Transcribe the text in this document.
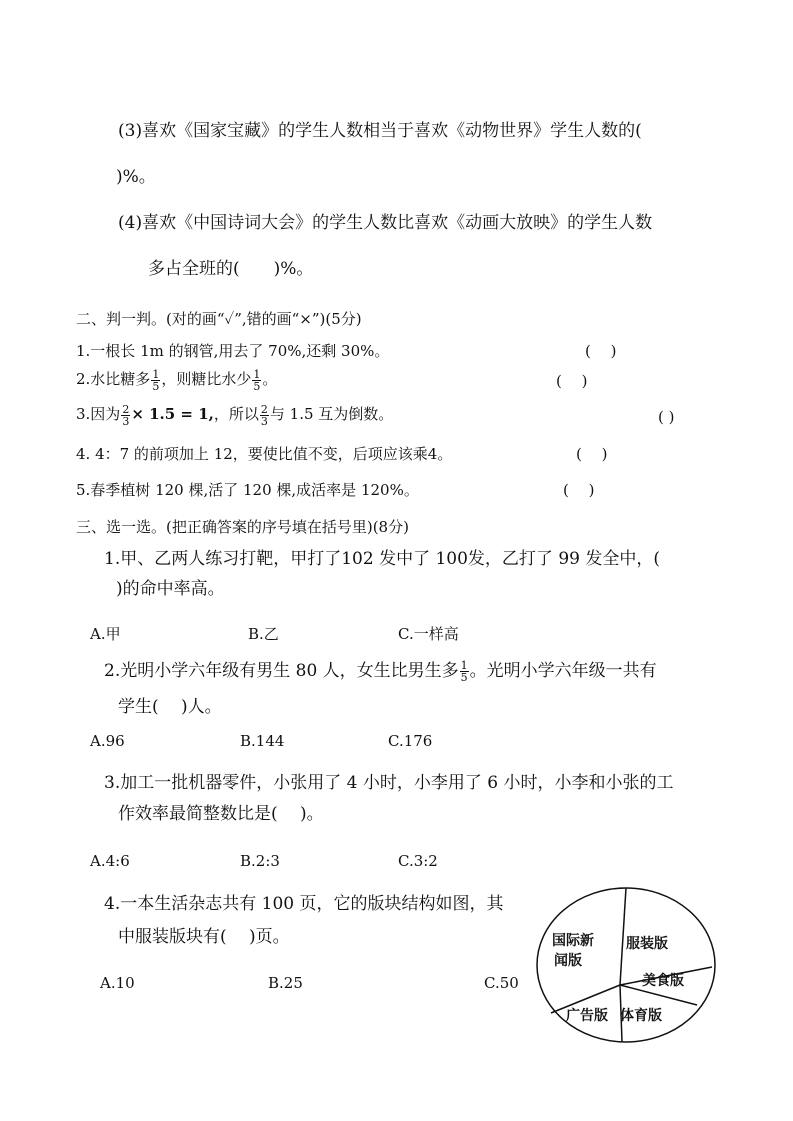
(3)喜欢《国家宝藏》的学生人数相当于喜欢《动物世界》学生人数的(
)%。
(4)喜欢《中国诗词大会》的学生人数比喜欢《动画大放映》的学生人数
多占全班的(　　)%。
二、判一判。(对的画“✓”,错的画“×”)(5分)
1.一根长 1m 的钢管,用去了 70%,还剩 30%。	(　 )
2.水比糖多 $\frac{1}{5}$ ，则糖比水少 $\frac{1}{5}$ 。	(　 )
3.因为 $\frac{2}{3} \times 1.5 = 1$,，所以 $\frac{2}{3}$ 与 1.5 互为倒数。	( )
4. 4：7 的前项加上 12，要使比值不变，后项应该乘4。	(　 )
5.春季植树 120 棵,活了 120 棵,成活率是 120%。	(　 )
三、选一选。(把正确答案的序号填在括号里)(8分)
1.甲、乙两人练习打靶，甲打了102 发中了 100发，乙打了 99 发全中，(
)的命中率高。
A.甲	B.乙	C.一样高
2.光明小学六年级有男生 80 人，女生比男生多 $\frac{1}{5}$ 。光明小学六年级一共有
学生(　 )人。
A.96	B.144	C.176
3.加工一批机器零件，小张用了 4 小时，小李用了 6 小时，小李和小张的工
作效率最简整数比是(　 )。
A.4:6	B.2:3	C.3:2
4.一本生活杂志共有 100 页，它的版块结构如图，其
中服装版块有(　 )页。
A.10	B.25	C.50
国际新
闻版
服装版
美食版
体育版
广告版
